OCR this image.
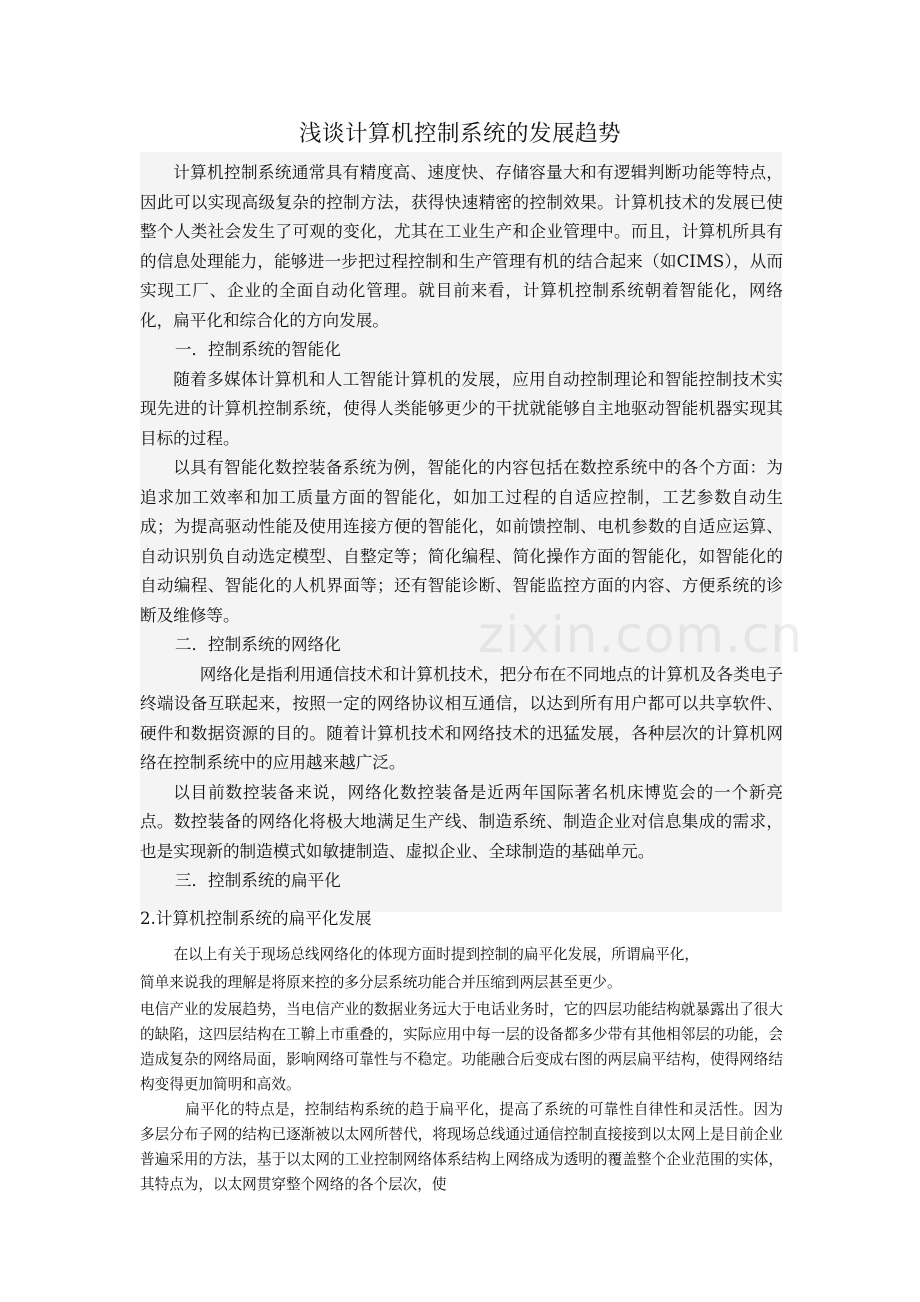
zixin.com.cn
浅谈计算机控制系统的发展趋势

计算机控制系统通常具有精度高、速度快、存储容量大和有逻辑判断功能等特点，因此可以实现高级复杂的控制方法，获得快速精密的控制效果。计算机技术的发展已使整个人类社会发生了可观的变化，尤其在工业生产和企业管理中。而且，计算机所具有的信息处理能力，能够进一步把过程控制和生产管理有机的结合起来（如CIMS），从而实现工厂、企业的全面自动化管理。就目前来看，计算机控制系统朝着智能化，网络化，扁平化和综合化的方向发展。

一．控制系统的智能化

随着多媒体计算机和人工智能计算机的发展，应用自动控制理论和智能控制技术实现先进的计算机控制系统，使得人类能够更少的干扰就能够自主地驱动智能机器实现其目标的过程。

以具有智能化数控装备系统为例，智能化的内容包括在数控系统中的各个方面：为追求加工效率和加工质量方面的智能化，如加工过程的自适应控制，工艺参数自动生成；为提高驱动性能及使用连接方便的智能化，如前馈控制、电机参数的自适应运算、自动识别负自动选定模型、自整定等；简化编程、简化操作方面的智能化，如智能化的自动编程、智能化的人机界面等；还有智能诊断、智能监控方面的内容、方便系统的诊断及维修等。

二．控制系统的网络化

网络化是指利用通信技术和计算机技术，把分布在不同地点的计算机及各类电子终端设备互联起来，按照一定的网络协议相互通信，以达到所有用户都可以共享软件、硬件和数据资源的目的。随着计算机技术和网络技术的迅猛发展，各种层次的计算机网络在控制系统中的应用越来越广泛。

以目前数控装备来说，网络化数控装备是近两年国际著名机床博览会的一个新亮点。数控装备的网络化将极大地满足生产线、制造系统、制造企业对信息集成的需求，也是实现新的制造模式如敏捷制造、虚拟企业、全球制造的基础单元。

三．控制系统的扁平化

2.计算机控制系统的扁平化发展

在以上有关于现场总线网络化的体现方面时提到控制的扁平化发展，所谓扁平化，

简单来说我的理解是将原来控的多分层系统功能合并压缩到两层甚至更少。

电信产业的发展趋势，当电信产业的数据业务远大于电话业务时，它的四层功能结构就暴露出了很大的缺陷，这四层结构在工鞥上市重叠的，实际应用中每一层的设备都多少带有其他相邻层的功能，会造成复杂的网络局面，影响网络可靠性与不稳定。功能融合后变成右图的两层扁平结构，使得网络结构变得更加简明和高效。

扁平化的特点是，控制结构系统的趋于扁平化，提高了系统的可靠性自律性和灵活性。因为多层分布子网的结构已逐渐被以太网所替代，将现场总线通过通信控制直接接到以太网上是目前企业普遍采用的方法，基于以太网的工业控制网络体系结构上网络成为透明的覆盖整个企业范围的实体，其特点为，以太网贯穿整个网络的各个层次，使
